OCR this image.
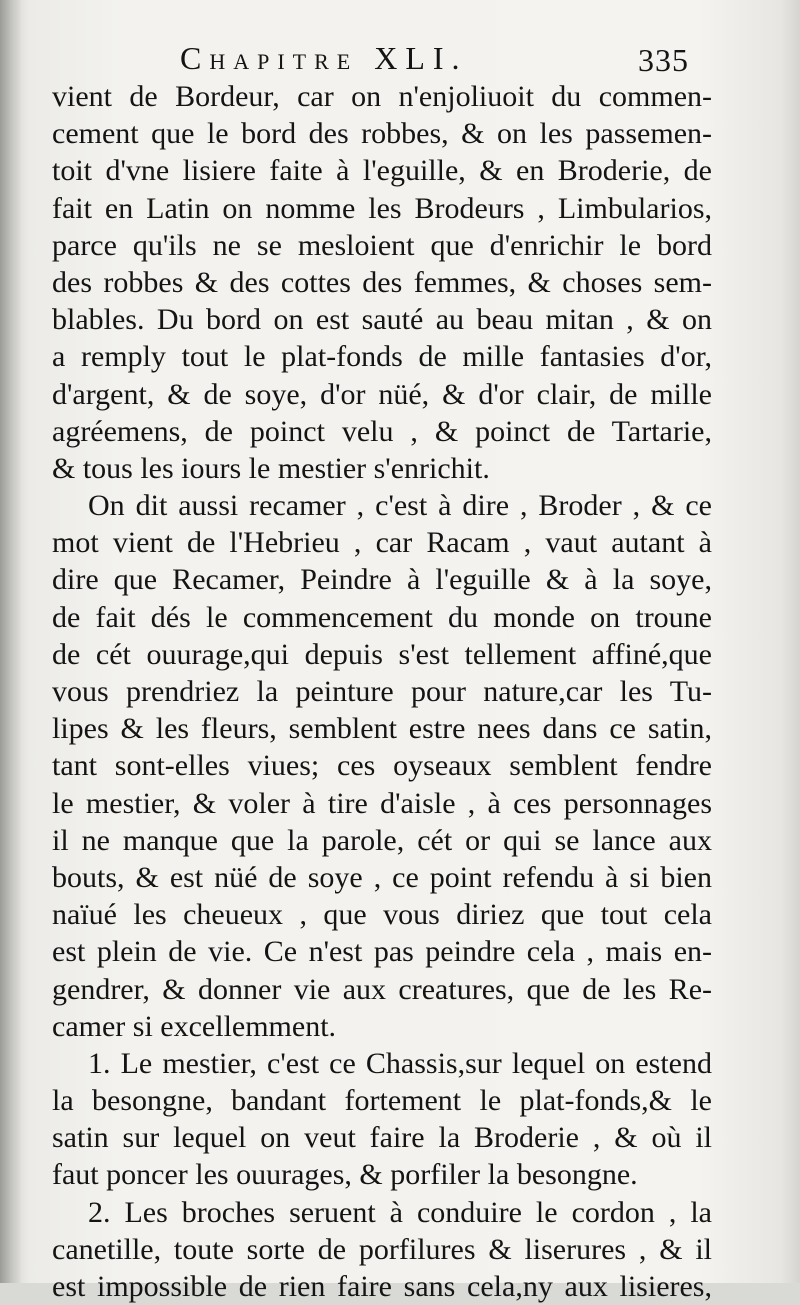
Chapitre XLI.	335
vient de Bordeur, car on n'enjoliuoit du commen-
cement que le bord des robbes, & on les passemen-
toit d'vne lisiere faite à l'eguille, & en Broderie, de
fait en Latin on nomme les Brodeurs , Limbularios,
parce qu'ils ne se mesloient que d'enrichir le bord
des robbes & des cottes des femmes, & choses sem-
blables. Du bord on est sauté au beau mitan , & on
a remply tout le plat-fonds de mille fantasies d'or,
d'argent, & de soye, d'or nüé, & d'or clair, de mille
agréemens, de poinct velu , & poinct de Tartarie,
& tous les iours le mestier s'enrichit.
On dit aussi recamer , c'est à dire , Broder , & ce
mot vient de l'Hebrieu , car Racam , vaut autant à
dire que Recamer, Peindre à l'eguille & à la soye,
de fait dés le commencement du monde on troune
de cét ouurage,qui depuis s'est tellement affiné,que
vous prendriez la peinture pour nature,car les Tu-
lipes & les fleurs, semblent estre nees dans ce satin,
tant sont-elles viues; ces oyseaux semblent fendre
le mestier, & voler à tire d'aisle , à ces personnages
il ne manque que la parole, cét or qui se lance aux
bouts, & est nüé de soye , ce point refendu à si bien
naïué les cheueux , que vous diriez que tout cela
est plein de vie. Ce n'est pas peindre cela , mais en-
gendrer, & donner vie aux creatures, que de les Re-
camer si excellemment.
1. Le mestier, c'est ce Chassis,sur lequel on estend
la besongne, bandant fortement le plat-fonds,& le
satin sur lequel on veut faire la Broderie , & où il
faut poncer les ouurages, & porfiler la besongne.
2. Les broches seruent à conduire le cordon , la
canetille, toute sorte de porfilures & liserures , & il
est impossible de rien faire sans cela,ny aux lisieres,
